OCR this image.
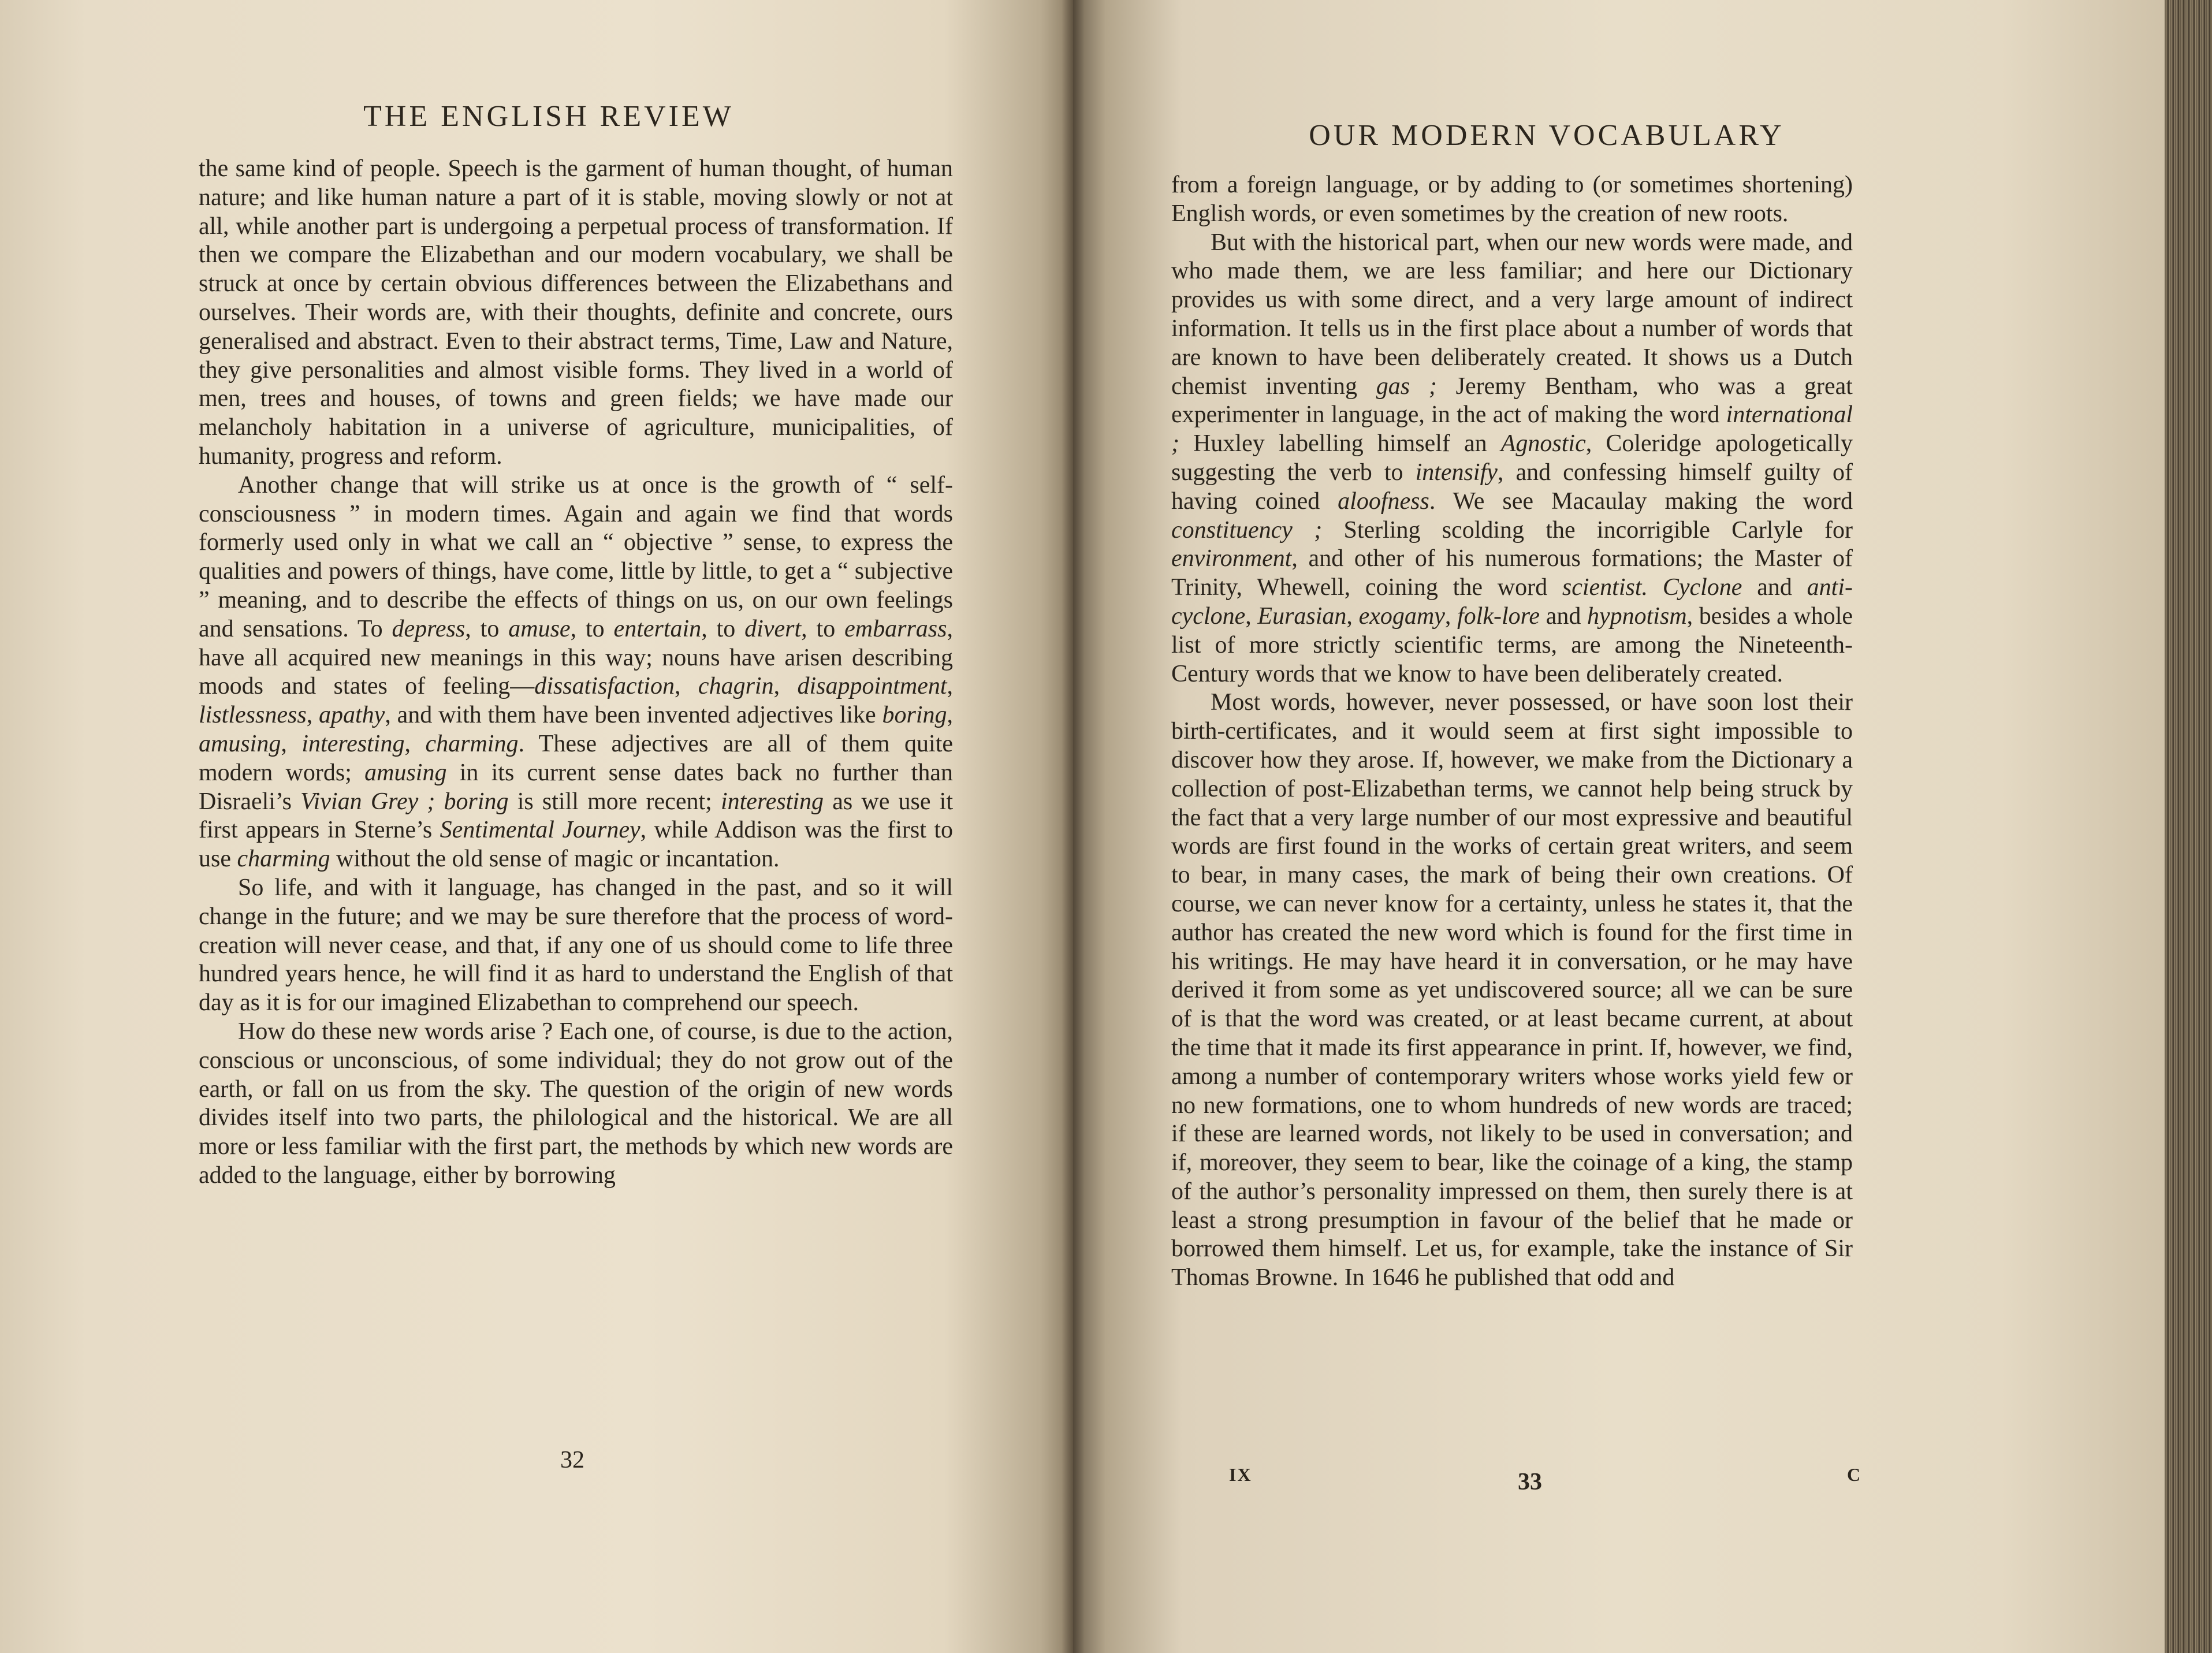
THE ENGLISH REVIEW

the same kind of people. Speech is the garment of human thought, of human nature; and like human nature a part of it is stable, moving slowly or not at all, while another part is undergoing a perpetual process of transformation. If then we compare the Elizabethan and our modern vocabulary, we shall be struck at once by certain obvious differences between the Elizabethans and ourselves. Their words are, with their thoughts, definite and concrete, ours generalised and abstract. Even to their abstract terms, Time, Law and Nature, they give personalities and almost visible forms. They lived in a world of men, trees and houses, of towns and green fields; we have made our melancholy habitation in a universe of agriculture, municipalities, of humanity, progress and reform.

Another change that will strike us at once is the growth of “ self-consciousness ” in modern times. Again and again we find that words formerly used only in what we call an “ objective ” sense, to express the qualities and powers of things, have come, little by little, to get a “ subjective ” meaning, and to describe the effects of things on us, on our own feelings and sensations. To depress, to amuse, to entertain, to divert, to embarrass, have all acquired new meanings in this way; nouns have arisen describing moods and states of feeling—dissatisfaction, chagrin, disappointment, listlessness, apathy, and with them have been invented adjectives like boring, amusing, interesting, charming. These adjectives are all of them quite modern words; amusing in its current sense dates back no further than Disraeli’s Vivian Grey ; boring is still more recent; interesting as we use it first appears in Sterne’s Sentimental Journey, while Addison was the first to use charming without the old sense of magic or incantation.

So life, and with it language, has changed in the past, and so it will change in the future; and we may be sure therefore that the process of word-creation will never cease, and that, if any one of us should come to life three hundred years hence, he will find it as hard to understand the English of that day as it is for our imagined Elizabethan to comprehend our speech.

How do these new words arise ? Each one, of course, is due to the action, conscious or unconscious, of some individual; they do not grow out of the earth, or fall on us from the sky. The question of the origin of new words divides itself into two parts, the philological and the historical. We are all more or less familiar with the first part, the methods by which new words are added to the language, either by borrowing

32
OUR MODERN VOCABULARY

from a foreign language, or by adding to (or sometimes shortening) English words, or even sometimes by the creation of new roots.

But with the historical part, when our new words were made, and who made them, we are less familiar; and here our Dictionary provides us with some direct, and a very large amount of indirect information. It tells us in the first place about a number of words that are known to have been deliberately created. It shows us a Dutch chemist inventing gas ; Jeremy Bentham, who was a great experimenter in language, in the act of making the word international ; Huxley labelling himself an Agnostic, Coleridge apologetically suggesting the verb to intensify, and confessing himself guilty of having coined aloofness. We see Macaulay making the word constituency ; Sterling scolding the incorrigible Carlyle for environment, and other of his numerous formations; the Master of Trinity, Whewell, coining the word scientist. Cyclone and anti-cyclone, Eurasian, exogamy, folk-lore and hypnotism, besides a whole list of more strictly scientific terms, are among the Nineteenth-Century words that we know to have been deliberately created.

Most words, however, never possessed, or have soon lost their birth-certificates, and it would seem at first sight impossible to discover how they arose. If, however, we make from the Dictionary a collection of post-Elizabethan terms, we cannot help being struck by the fact that a very large number of our most expressive and beautiful words are first found in the works of certain great writers, and seem to bear, in many cases, the mark of being their own creations. Of course, we can never know for a certainty, unless he states it, that the author has created the new word which is found for the first time in his writings. He may have heard it in conversation, or he may have derived it from some as yet undiscovered source; all we can be sure of is that the word was created, or at least became current, at about the time that it made its first appearance in print. If, however, we find, among a number of contemporary writers whose works yield few or no new formations, one to whom hundreds of new words are traced; if these are learned words, not likely to be used in conversation; and if, moreover, they seem to bear, like the coinage of a king, the stamp of the author’s personality impressed on them, then surely there is at least a strong presumption in favour of the belief that he made or borrowed them himself. Let us, for example, take the instance of Sir Thomas Browne. In 1646 he published that odd and

IX	33	C
